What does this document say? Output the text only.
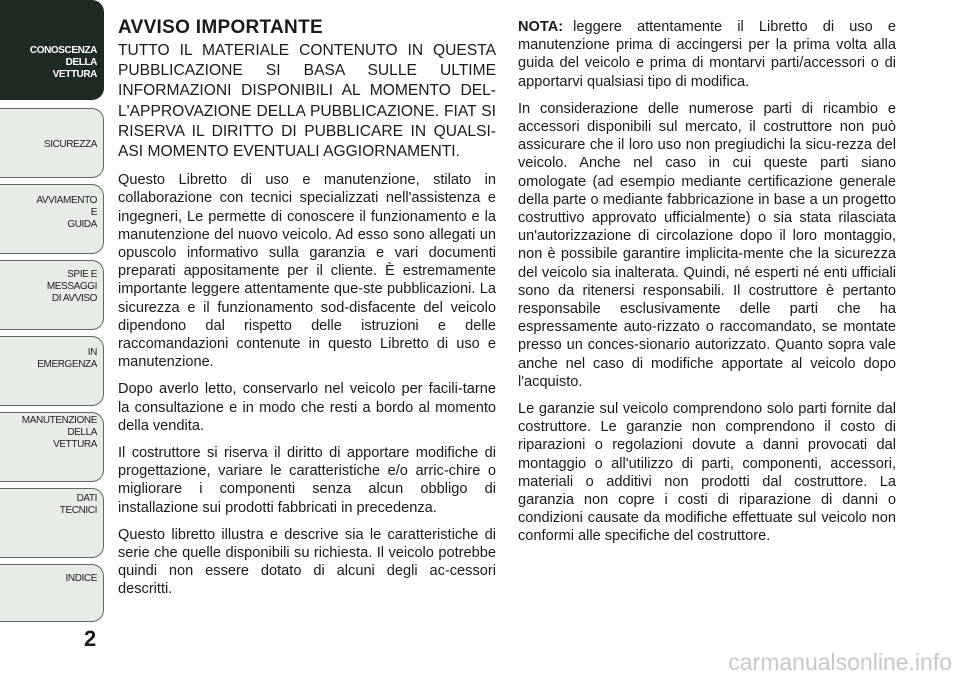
CONOSCENZA
DELLA
VETTURA
SICUREZZA
AVVIAMENTO
E
GUIDA
SPIE E
MESSAGGI
DI AVVISO
IN
EMERGENZA
MANUTENZIONE
DELLA
VETTURA
DATI
TECNICI
INDICE
2
AVVISO IMPORTANTE

TUTTO IL MATERIALE CONTENUTO IN QUESTA PUBBLICAZIONE SI BASA SULLE ULTIME INFORMAZIONI DISPONIBILI AL MOMENTO DEL-L'APPROVAZIONE DELLA PUBBLICAZIONE. FIAT SI RISERVA IL DIRITTO DI PUBBLICARE IN QUALSI-ASI MOMENTO EVENTUALI AGGIORNAMENTI.

Questo Libretto di uso e manutenzione, stilato in collaborazione con tecnici specializzati nell'assistenza e ingegneri, Le permette di conoscere il funzionamento e la manutenzione del nuovo veicolo. Ad esso sono allegati un opuscolo informativo sulla garanzia e vari documenti preparati appositamente per il cliente. È estremamente importante leggere attentamente que-ste pubblicazioni. La sicurezza e il funzionamento sod-disfacente del veicolo dipendono dal rispetto delle istruzioni e delle raccomandazioni contenute in questo Libretto di uso e manutenzione.

Dopo averlo letto, conservarlo nel veicolo per facili-tarne la consultazione e in modo che resti a bordo al momento della vendita.

Il costruttore si riserva il diritto di apportare modifiche di progettazione, variare le caratteristiche e/o arric-chire o migliorare i componenti senza alcun obbligo di installazione sui prodotti fabbricati in precedenza.

Questo libretto illustra e descrive sia le caratteristiche di serie che quelle disponibili su richiesta. Il veicolo potrebbe quindi non essere dotato di alcuni degli ac-cessori descritti.

NOTA: leggere attentamente il Libretto di uso e manutenzione prima di accingersi per la prima volta alla guida del veicolo e prima di montarvi parti/accessori o di apportarvi qualsiasi tipo di modifica.

In considerazione delle numerose parti di ricambio e accessori disponibili sul mercato, il costruttore non può assicurare che il loro uso non pregiudichi la sicu-rezza del veicolo. Anche nel caso in cui queste parti siano omologate (ad esempio mediante certificazione generale della parte o mediante fabbricazione in base a un progetto costruttivo approvato ufficialmente) o sia stata rilasciata un'autorizzazione di circolazione dopo il loro montaggio, non è possibile garantire implicita-mente che la sicurezza del veicolo sia inalterata. Quindi, né esperti né enti ufficiali sono da ritenersi responsabili. Il costruttore è pertanto responsabile esclusivamente delle parti che ha espressamente auto-rizzato o raccomandato, se montate presso un conces-sionario autorizzato. Quanto sopra vale anche nel caso di modifiche apportate al veicolo dopo l'acquisto.

Le garanzie sul veicolo comprendono solo parti fornite dal costruttore. Le garanzie non comprendono il costo di riparazioni o regolazioni dovute a danni provocati dal montaggio o all'utilizzo di parti, componenti, accessori, materiali o additivi non prodotti dal costruttore. La garanzia non copre i costi di riparazione di danni o condizioni causate da modifiche effettuate sul veicolo non conformi alle specifiche del costruttore.

carmanualsonline.info
